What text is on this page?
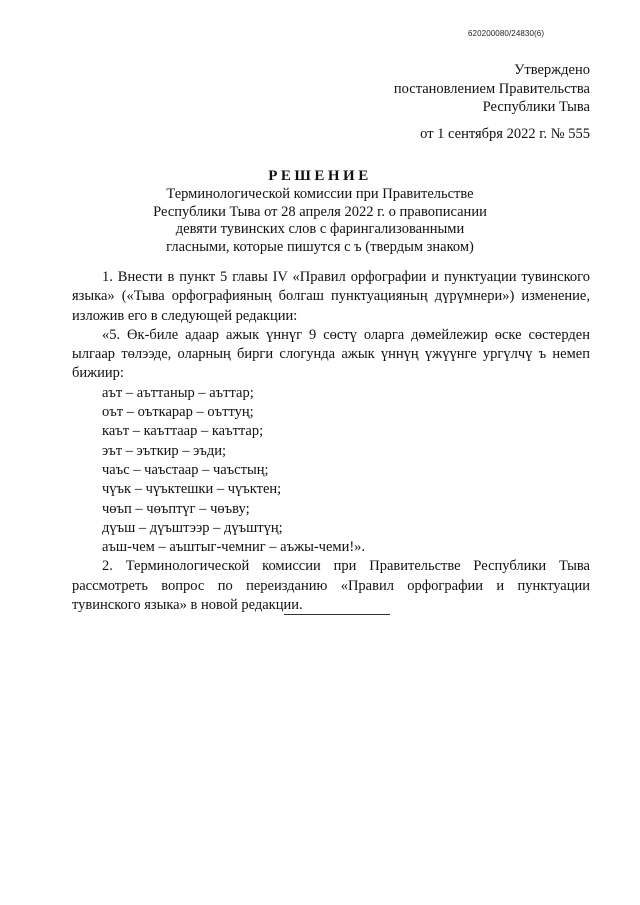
620200080/24830(6)
Утверждено
постановлением Правительства
Республики Тыва
от 1 сентября 2022 г. № 555
РЕШЕНИЕ
Терминологической комиссии при Правительстве
Республики Тыва от 28 апреля 2022 г. о правописании
девяти тувинских слов с фарингализованными
гласными, которые пишутся с ъ (твердым знаком)

1. Внести в пункт 5 главы IV «Правил орфографии и пунктуации тувинского языка» («Тыва орфографияның болгаш пунктуацияның дүрүмнери») изменение, изложив его в следующей редакции:

«5. Өк-биле адаар ажык үннүг 9 сөстү оларга дөмейлежир өске сөстерден ылгаар төлээде, оларның бирги слогунда ажык үннүң үжүүнге ургүлчү ъ немеп бижиир:

аът – аъттаныр – аъттар;
оът – оъткарар – оъттуң;
каът – каъттаар – каъттар;
эът – эъткир – эъди;
чаъс – чаъстаар – чаъстың;
чүък – чүъктешки – чүъктен;
чөъп – чөъптүг – чөъву;
дүъш – дүъштээр – дүъштүң;
аъш-чем – аъштыг-чемниг – аъжы-чеми!».

2. Терминологической комиссии при Правительстве Республики Тыва рассмотреть вопрос по переизданию «Правил орфографии и пунктуации тувинского языка» в новой редакции.
